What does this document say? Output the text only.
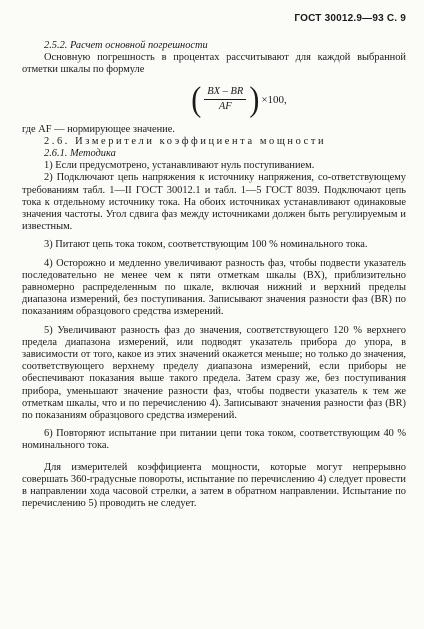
ГОСТ 30012.9—93 С. 9

2.5.2. Расчет основной погрешности

Основную погрешность в процентах рассчитывают для каждой выбранной отметки шкалы по формуле

( $\frac{BX - BR}{AF}$ ) ×100,

где AF — нормирующее значение.

2.6. Измерители коэффициента мощности

2.6.1. Методика

1) Если предусмотрено, устанавливают нуль поступиванием.

2) Подключают цепь напряжения к источнику напряжения, со-ответствующему требованиям табл. 1—II ГОСТ 30012.1 и табл. 1—5 ГОСТ 8039. Подключают цепь тока к отдельному источнику тока. На обоих источниках устанавливают одинаковые значения частоты. Угол сдвига фаз между источниками должен быть регулируемым и известным.

3) Питают цепь тока током, соответствующим 100 % номинального тока.

4) Осторожно и медленно увеличивают разность фаз, чтобы подвести указатель последовательно не менее чем к пяти отметкам шкалы (BX), приблизительно равномерно распределенным по шкале, включая нижний и верхний пределы диапазона измерений, без поступивания. Записывают значения разности фаз (BR) по показаниям образцового средства измерений.

5) Увеличивают разность фаз до значения, соответствующего 120 % верхнего предела диапазона измерений, или подводят указатель прибора до упора, в зависимости от того, какое из этих значений окажется меньше; но только до значения, соответствующего верхнему пределу диапазона измерений, если приборы не обеспечивают показания выше такого предела. Затем сразу же, без поступивания прибора, уменьшают значение разности фаз, чтобы подвести указатель к тем же отметкам шкалы, что и по перечислению 4). Записывают значения разности фаз (BR) по показаниям образцового средства измерений.

6) Повторяют испытание при питании цепи тока током, соответствующим 40 % номинального тока.

Для измерителей коэффициента мощности, которые могут непрерывно совершать 360-градусные повороты, испытание по перечислению 4) следует провести в направлении хода часовой стрелки, а затем в обратном направлении. Испытание по перечислению 5) проводить не следует.
